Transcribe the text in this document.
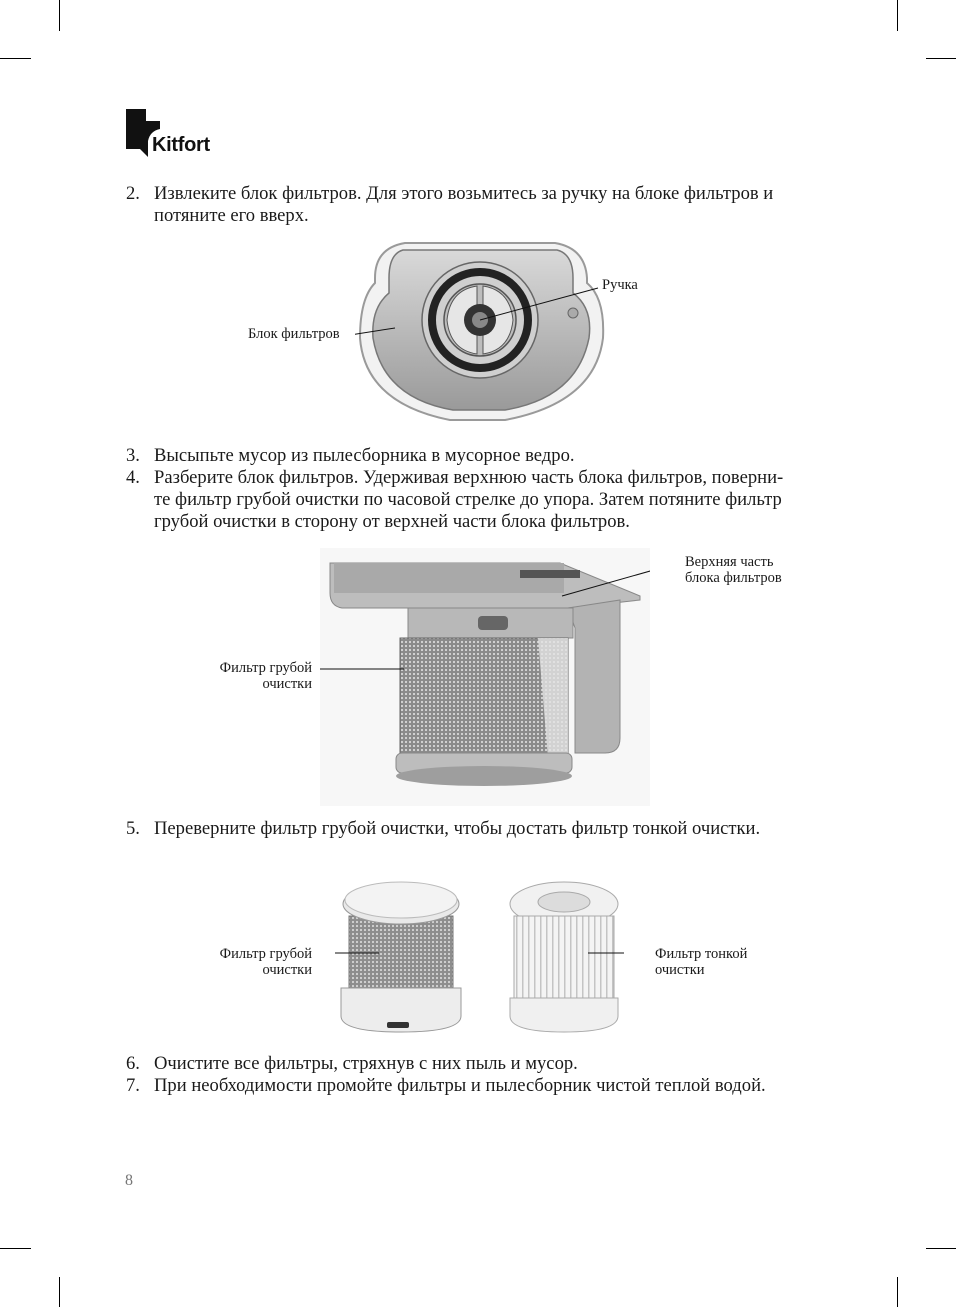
Kitfort
2. Извлеките блок фильтров. Для этого возьмитесь за ручку на блоке фильтров и
потяните его вверх.
Блок фильтров
Ручка
3. Высыпьте мусор из пылесборника в мусорное ведро.
4. Разберите блок фильтров. Удерживая верхнюю часть блока фильтров, поверни-
те фильтр грубой очистки по часовой стрелке до упора. Затем потяните фильтр
грубой очистки в сторону от верхней части блока фильтров.
Верхняя часть
блока фильтров
Фильтр грубой
очистки
5. Переверните фильтр грубой очистки, чтобы достать фильтр тонкой очистки.
Фильтр грубой
очистки
Фильтр тонкой
очистки
6. Очистите все фильтры, стряхнув с них пыль и мусор.
7. При необходимости промойте фильтры и пылесборник чистой теплой водой.
8
